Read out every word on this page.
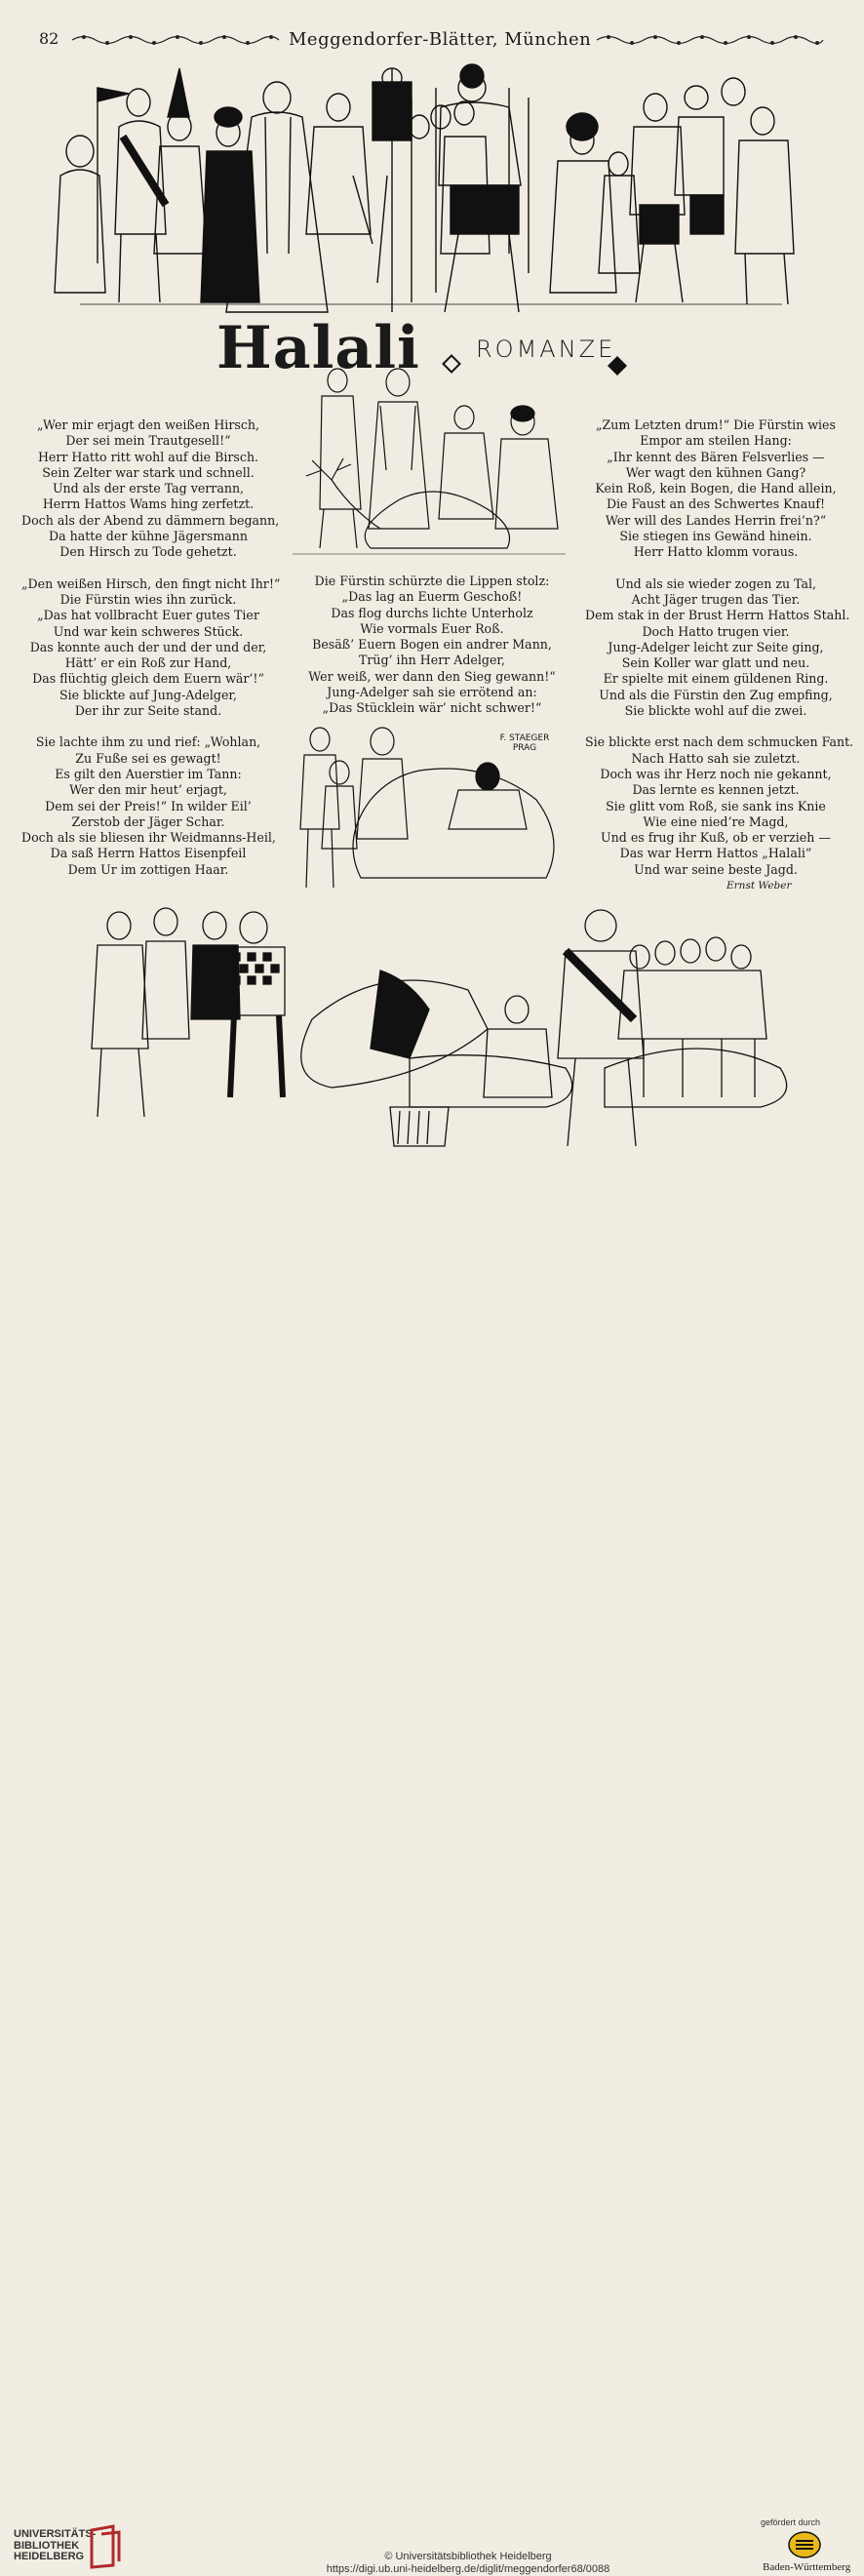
82	Meggendorfer-Blätter, München
Halali ROMANZE
F. STAEGER PRAG

„Wer mir erjagt den weißen Hirsch,

Der sei mein Trautgesell!“

Herr Hatto ritt wohl auf die Birsch.

Sein Zelter war stark und schnell.

Und als der erste Tag verrann,

Herrn Hattos Wams hing zerfetzt.

Doch als der Abend zu dämmern begann,

Da hatte der kühne Jägersmann

Den Hirsch zu Tode gehetzt.

„Den weißen Hirsch, den fingt nicht Ihr!“

Die Fürstin wies ihn zurück.

„Das hat vollbracht Euer gutes Tier

Und war kein schweres Stück.

Das konnte auch der und der und der,

Hätt’ er ein Roß zur Hand,

Das flüchtig gleich dem Euern wär’!“

Sie blickte auf Jung-Adelger,

Der ihr zur Seite stand.

Sie lachte ihm zu und rief: „Wohlan,

Zu Fuße sei es gewagt!

Es gilt den Auerstier im Tann:

Wer den mir heut’ erjagt,

Dem sei der Preis!“ In wilder Eil’

Zerstob der Jäger Schar.

Doch als sie bliesen ihr Weidmanns-Heil,

Da saß Herrn Hattos Eisenpfeil

Dem Ur im zottigen Haar.

Die Fürstin schürzte die Lippen stolz:

„Das lag an Euerm Geschoß!

Das flog durchs lichte Unterholz

Wie vormals Euer Roß.

Besäß’ Euern Bogen ein andrer Mann,

Trüg’ ihn Herr Adelger,

Wer weiß, wer dann den Sieg gewann!“

Jung-Adelger sah sie errötend an:

„Das Stücklein wär’ nicht schwer!“

„Zum Letzten drum!“ Die Fürstin wies

Empor am steilen Hang:

„Ihr kennt des Bären Felsverlies —

Wer wagt den kühnen Gang?

Kein Roß, kein Bogen, die Hand allein,

Die Faust an des Schwertes Knauf!

Wer will des Landes Herrin frei’n?“

Sie stiegen ins Gewänd hinein.

Herr Hatto klomm voraus.

Und als sie wieder zogen zu Tal,

Acht Jäger trugen das Tier.

Dem stak in der Brust Herrn Hattos Stahl.

Doch Hatto trugen vier.

Jung-Adelger leicht zur Seite ging,

Sein Koller war glatt und neu.

Er spielte mit einem güldenen Ring.

Und als die Fürstin den Zug empfing,

Sie blickte wohl auf die zwei.

Sie blickte erst nach dem schmucken Fant.

Nach Hatto sah sie zuletzt.

Doch was ihr Herz noch nie gekannt,

Das lernte es kennen jetzt.

Sie glitt vom Roß, sie sank ins Knie

Wie eine nied’re Magd,

Und es frug ihr Kuß, ob er verzieh —

Das war Herrn Hattos „Halali“

Und war seine beste Jagd.

Ernst Weber
UNIVERSITÄTS-
BIBLIOTHEK
HEIDELBERG	© Universitätsbibliothek Heidelberg
https://digi.ub.uni-heidelberg.de/diglit/meggendorfer68/0088
gefördert durch
Baden-Württemberg
